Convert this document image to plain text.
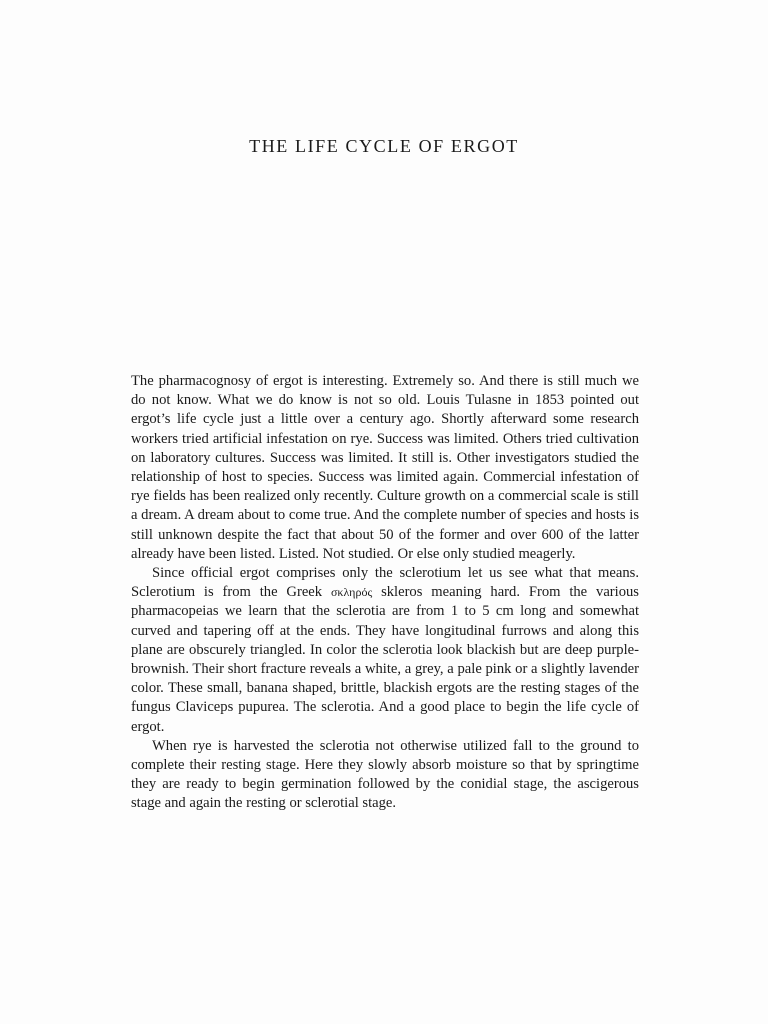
THE LIFE CYCLE OF ERGOT

The pharmacognosy of ergot is interesting. Extremely so. And there is still much we do not know. What we do know is not so old. Louis Tulasne in 1853 pointed out ergot’s life cycle just a little over a century ago. Shortly afterward some research workers tried artificial infestation on rye. Success was limited. Others tried cultivation on laboratory cultures. Success was limited. It still is. Other investigators studied the relationship of host to species. Success was limited again. Commercial infestation of rye fields has been realized only recently. Culture growth on a commercial scale is still a dream. A dream about to come true. And the complete number of species and hosts is still unknown despite the fact that about 50 of the former and over 600 of the latter already have been listed. Listed. Not studied. Or else only studied meagerly.

Since official ergot comprises only the sclerotium let us see what that means. Sclerotium is from the Greek σκληρός skleros meaning hard. From the various pharmacopeias we learn that the sclerotia are from 1 to 5 cm long and somewhat curved and tapering off at the ends. They have longitudinal furrows and along this plane are obscurely triangled. In color the sclerotia look blackish but are deep purple-brownish. Their short fracture reveals a white, a grey, a pale pink or a slightly lavender color. These small, banana shaped, brittle, blackish ergots are the resting stages of the fungus Claviceps pupurea. The sclerotia. And a good place to begin the life cycle of ergot.

When rye is harvested the sclerotia not otherwise utilized fall to the ground to complete their resting stage. Here they slowly absorb moisture so that by springtime they are ready to begin germination followed by the conidial stage, the ascigerous stage and again the resting or sclerotial stage.
